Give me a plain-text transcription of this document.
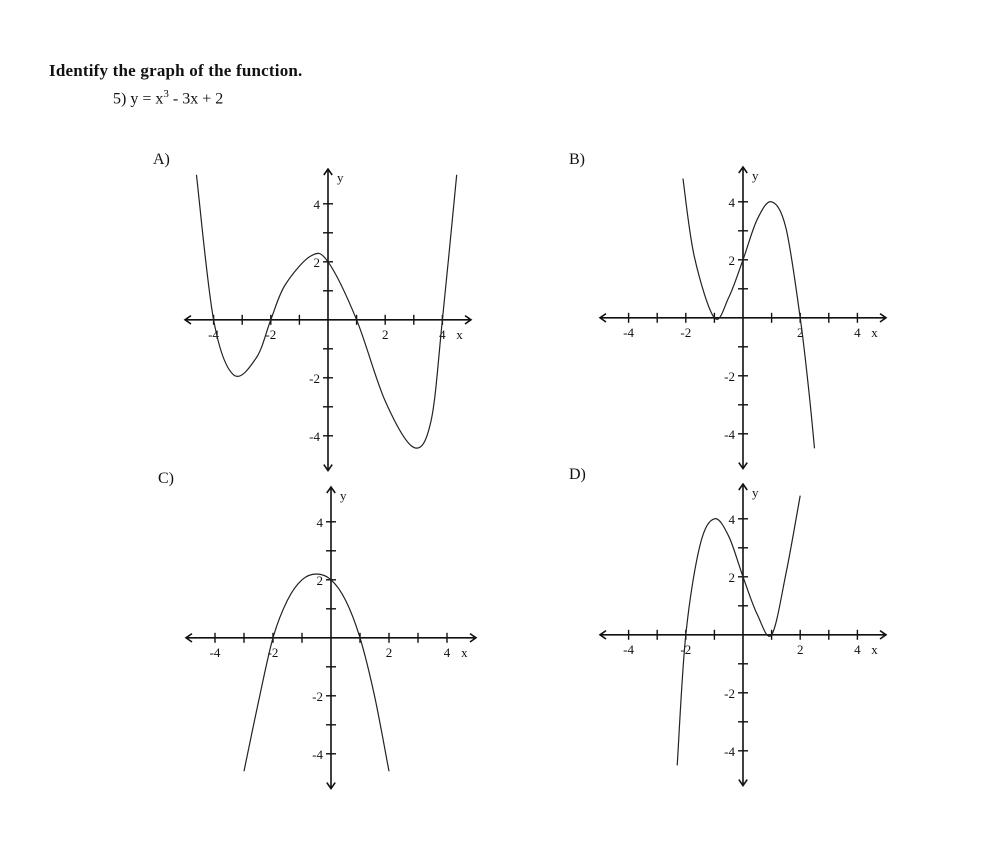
Identify the graph of the function.
5) $y = x^3 - 3x + 2$
A)	B)
C)	D)
-4	-2	2	4
4
2
-2
-4
x
y
-4	-2	2	4
4
2
-2
-4
x
y
-4	-2	2	4
4
2
-2
-4
x
y
-4	-2	2	4
4
2
-2
-4
x
y
